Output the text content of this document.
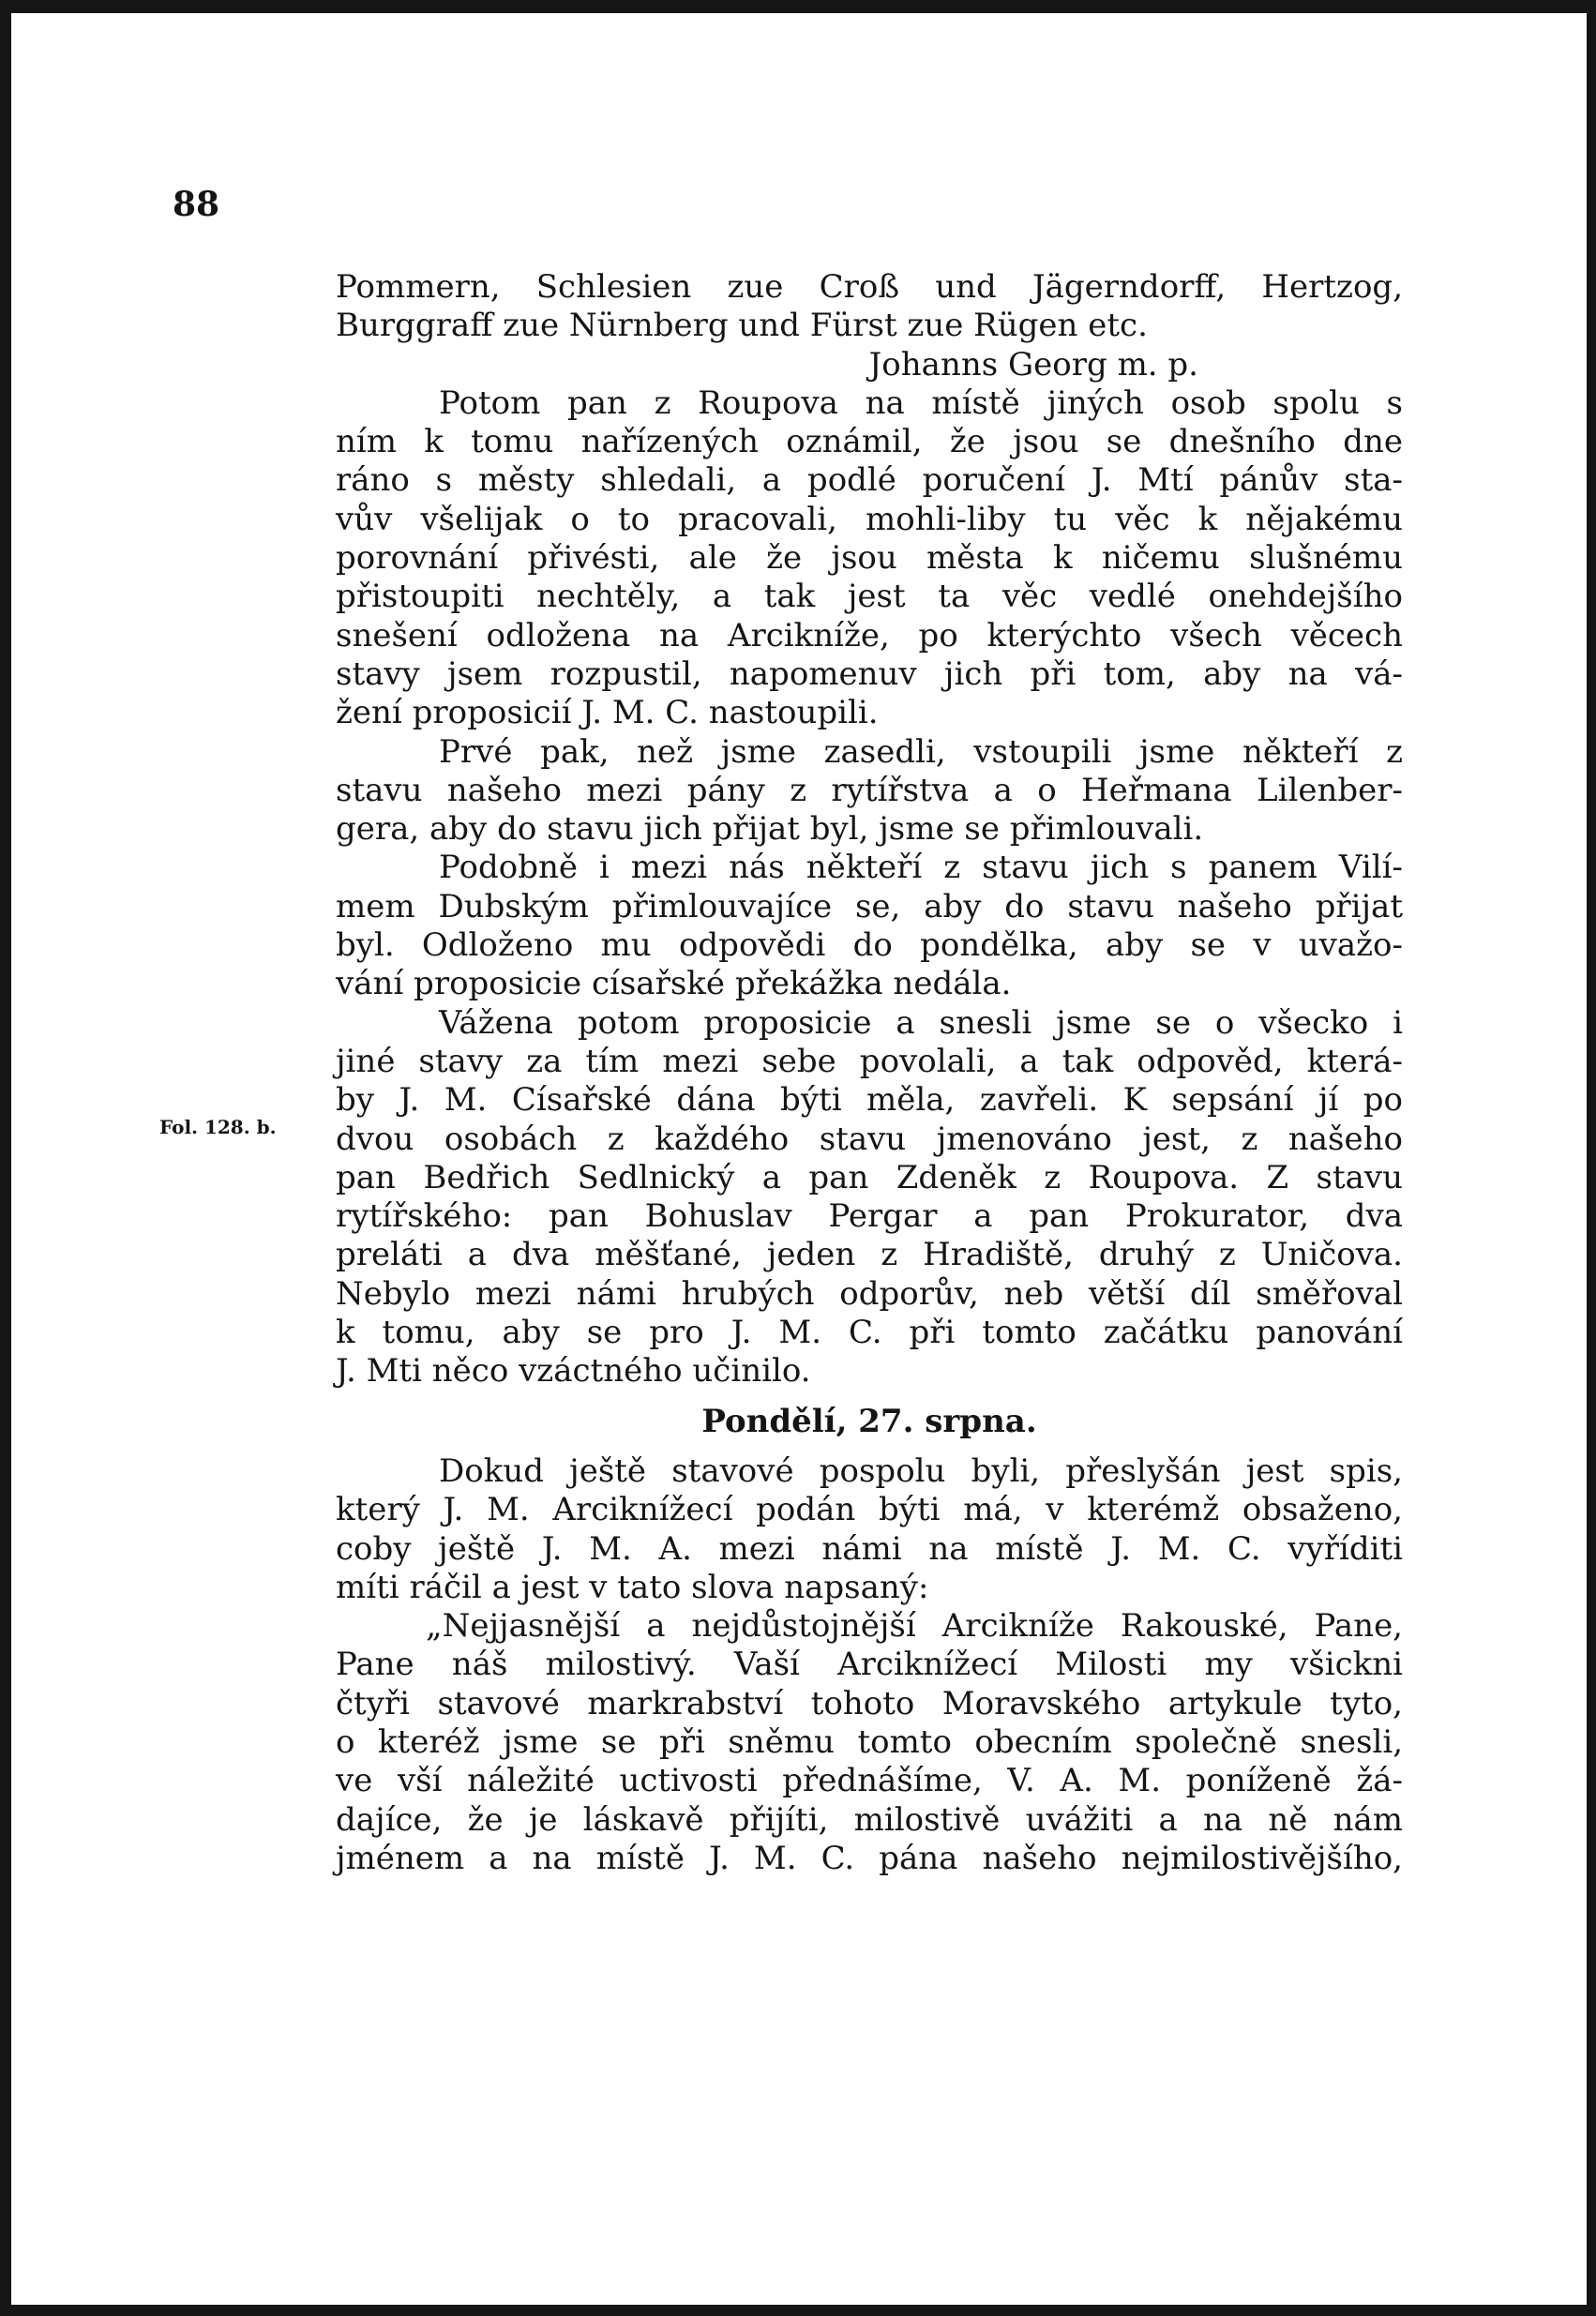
88
Fol. 128. b.
Pommern, Schlesien zue Croß und Jägerndorff, Hertzog,
Burggraff zue Nürnberg und Fürst zue Rügen etc.
Johanns Georg m. p.
Potom pan z Roupova na místě jiných osob spolu s
ním k tomu nařízených oznámil, že jsou se dnešního dne
ráno s městy shledali, a podlé poručení J. Mtí pánův sta-
vův všelijak o to pracovali, mohli-liby tu věc k nějakému
porovnání přivésti, ale že jsou města k ničemu slušnému
přistoupiti nechtěly, a tak jest ta věc vedlé onehdejšího
snešení odložena na Arcikníže, po kterýchto všech věcech
stavy jsem rozpustil, napomenuv jich při tom, aby na vá-
žení proposicií J. M. C. nastoupili.
Prvé pak, než jsme zasedli, vstoupili jsme někteří z
stavu našeho mezi pány z rytířstva a o Heřmana Lilenber-
gera, aby do stavu jich přijat byl, jsme se přimlouvali.
Podobně i mezi nás někteří z stavu jich s panem Vilí-
mem Dubským přimlouvajíce se, aby do stavu našeho přijat
byl. Odloženo mu odpovědi do pondělka, aby se v uvažo-
vání proposicie císařské překážka nedála.
Vážena potom proposicie a snesli jsme se o všecko i
jiné stavy za tím mezi sebe povolali, a tak odpověd, která-
by J. M. Císařské dána býti měla, zavřeli. K sepsání jí po
dvou osobách z každého stavu jmenováno jest, z našeho
pan Bedřich Sedlnický a pan Zdeněk z Roupova. Z stavu
rytířského: pan Bohuslav Pergar a pan Prokurator, dva
preláti a dva měšťané, jeden z Hradiště, druhý z Uničova.
Nebylo mezi námi hrubých odporův, neb větší díl směřoval
k tomu, aby se pro J. M. C. při tomto začátku panování
J. Mti něco vzáctného učinilo.
Pondělí, 27. srpna.
Dokud ještě stavové pospolu byli, přeslyšán jest spis,
který J. M. Arciknížecí podán býti má, v kterémž obsaženo,
coby ještě J. M. A. mezi námi na místě J. M. C. vyříditi
míti ráčil a jest v tato slova napsaný:
„Nejjasnější a nejdůstojnější Arcikníže Rakouské, Pane,
Pane náš milostivý. Vaší Arciknížecí Milosti my všickni
čtyři stavové markrabství tohoto Moravského artykule tyto,
o kteréž jsme se při sněmu tomto obecním společně snesli,
ve vší náležité uctivosti přednášíme, V. A. M. poníženě žá-
dajíce, že je láskavě přijíti, milostivě uvážiti a na ně nám
jménem a na místě J. M. C. pána našeho nejmilostivějšího,
